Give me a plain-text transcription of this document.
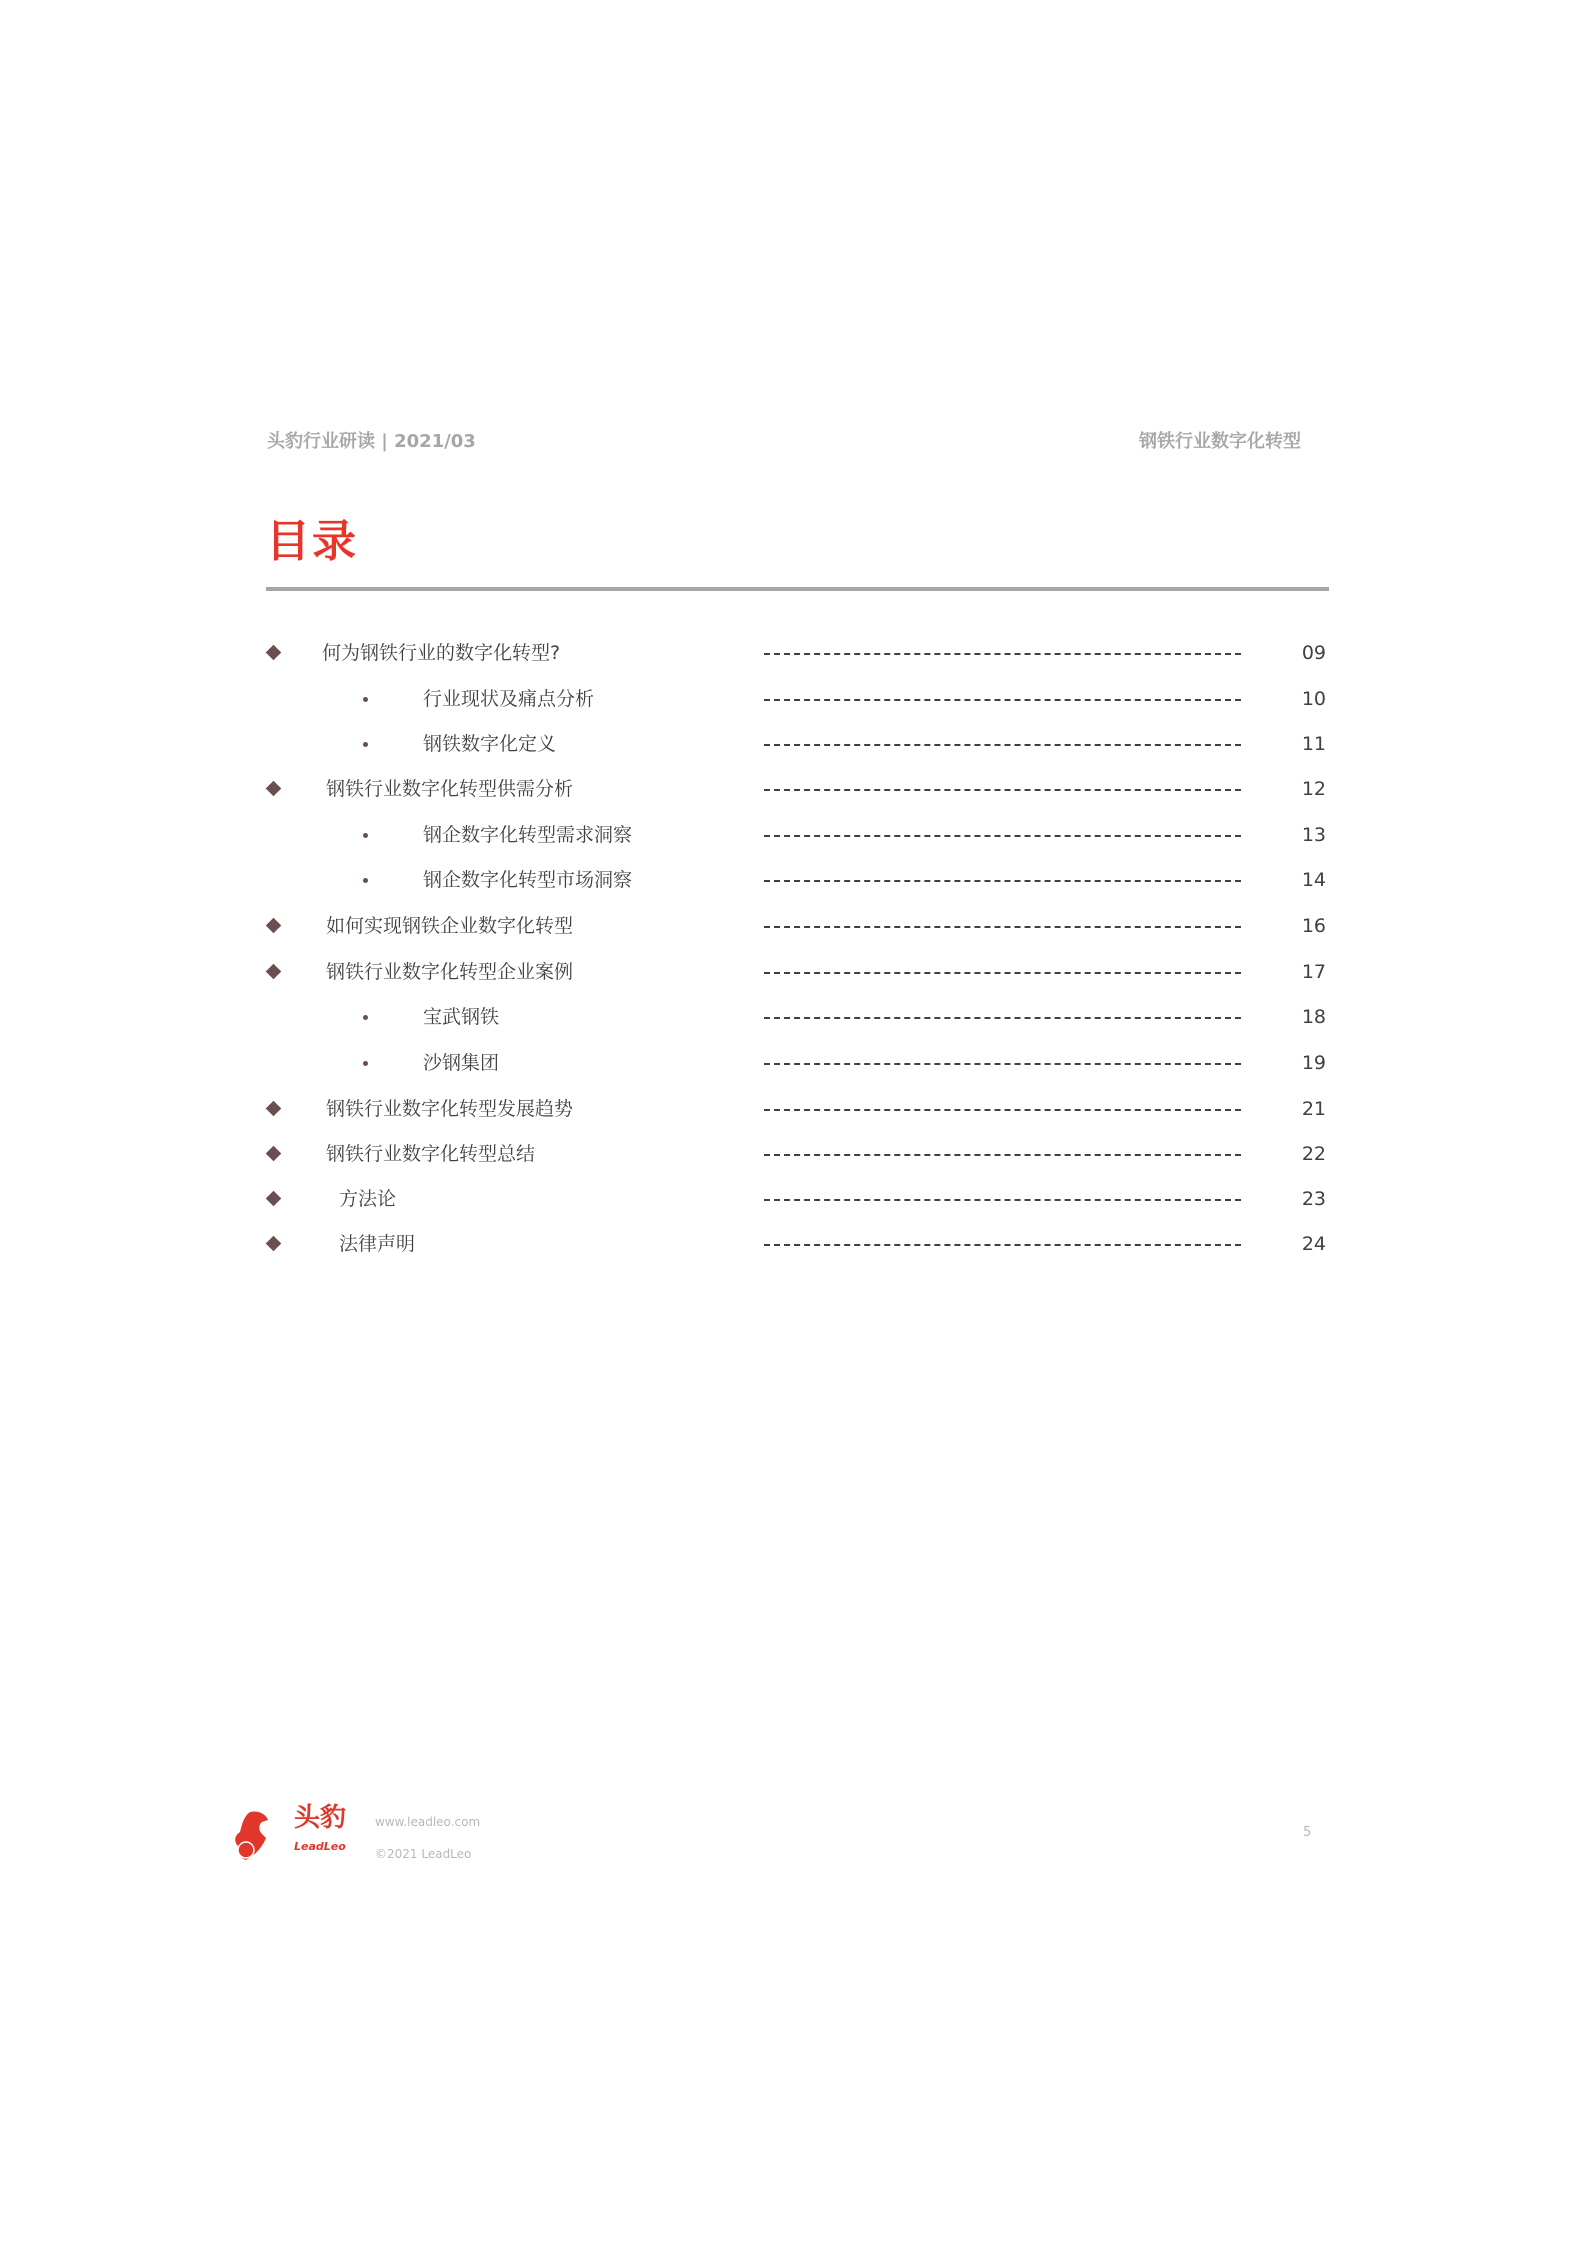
头豹行业研读 | 2021/03	钢铁行业数字化转型
目录
何为钢铁行业的数字化转型?	09
行业现状及痛点分析	10
钢铁数字化定义	11
钢铁行业数字化转型供需分析	12
钢企数字化转型需求洞察	13
钢企数字化转型市场洞察	14
如何实现钢铁企业数字化转型	16
钢铁行业数字化转型企业案例	17
宝武钢铁	18
沙钢集团	19
钢铁行业数字化转型发展趋势	21
钢铁行业数字化转型总结	22
方法论	23
法律声明	24
头豹
LeadLeo
www.leadleo.com
©2021 LeadLeo
5
